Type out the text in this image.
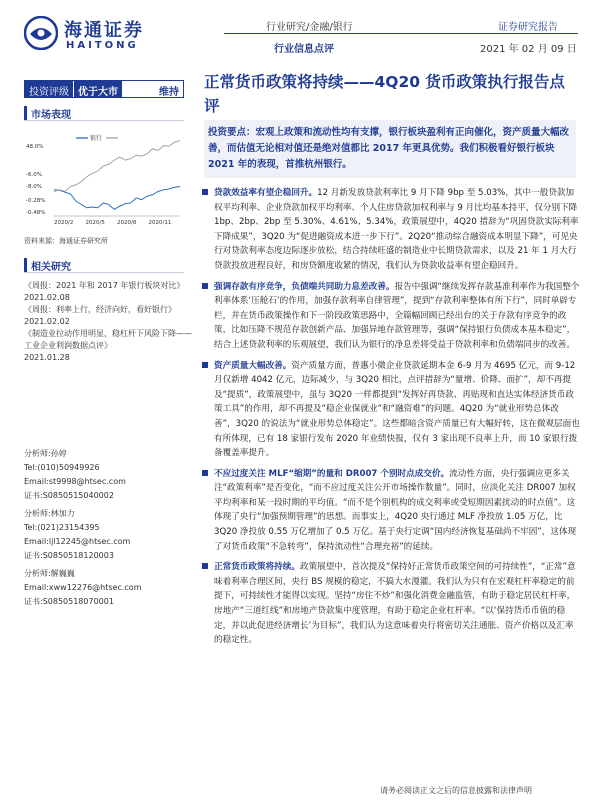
海通证券
HAITONG
行业研究/金融/银行
行业信息点评
证券研究报告
2021 年 02 月 09 日
投资评级 优于大市	维持
市场表现
银行
48.0%
-6.0%
-8.0%
-0.28%
-0.48%
2020/2 2020/5 2020/8 2020/11
资料来源：海通证券研究所
相关研究
《周报：2021 年和 2017 年银行板块对比》
2021.02.08
《周报：利率上行，经济向好，看好银行》
2021.02.02
《制造业拉动作用明显，稳杠杆下风险下降——工业企业利润数据点评》
2021.01.28
分析师:孙婷
Tel:(010)50949926
Email:st9998@htsec.com
证书:S0850515040002
分析师:林加力
Tel:(021)23154395
Email:ljl12245@htsec.com
证书:S0850518120003
分析师:解巍巍
Email:xww12276@htsec.com
证书:S0850518070001
正常货币政策将持续——4Q20 货币政策执行报告点评
投资要点：宏观上政策和流动性均有支撑，银行板块盈利有正向催化，资产质量大幅改善，而估值无论相对值还是绝对值都比 2017 年更具优势。我们积极看好银行板块 2021 年的表现，首推杭州银行。

贷款效益率有望企稳回升。12 月新发放贷款利率比 9 月下降 9bp 至 5.03%，其中一般贷款加权平均利率、企业贷款加权平均利率、个人住房贷款加权利率与 9 月比均基本持平，仅分别下降 1bp、2bp、2bp 至 5.30%、4.61%、5.34%，政策展望中，4Q20 措辞为“巩固贷款实际利率下降成果”，3Q20 为“促进融资成本进一步下行”。2Q20“推动综合融资成本明显下降”，可见央行对贷款利率态度边际逐步放松，结合持续旺盛的制造业中长期贷款需求，以及 21 年 1 月大行贷款投放进程良好，和房贷额度收紧的情况，我们认为贷款收益率有望企稳回升。

强调存款有序竞争，负债端共同助力息差改善。报告中强调“继续发挥存款基准利率作为我国整个利率体系‘压舱石’的作用，加强存款利率自律管理”，提到“存款利率整体有所下行”，同时单辟专栏，并在货币政策操作和下一阶段政策思路中，全篇幅回顾已经出台的关于存款有序竞争的政策，比如压降不规范存款创新产品、加强异地存款管理等，强调“保持银行负债成本基本稳定”，结合上述贷款利率的乐观展望，我们认为银行的净息差将受益于贷款利率和负债端同步的改善。

资产质量大幅改善。资产质量方面，普惠小微企业贷款延期本金 6-9 月为 4695 亿元，而 9-12 月仅新增 4042 亿元，边际减少，与 3Q20 相比，点评措辞为“量增、价降、面扩”，却不再提及“提质”，政策展望中，虽与 3Q20 一样都提到“发挥好再贷款、再贴现和直达实体经济货币政策工具”的作用，却不再提及“稳企业保就业”和“融资难”的问题。4Q20 为“就业形势总体改善”，3Q20 的说法为“就业形势总体稳定”。这些都暗含资产质量已有大幅好转，这在微观层面也有所体现，已有 18 家银行发布 2020 年业绩快报，仅有 3 家出现不良率上升，而 10 家银行拨备覆盖率提升。

不应过度关注 MLF“缩期”的量和 DR007 个别时点成交价。流动性方面，央行强调应更多关注“政策利率”是否变化，“而不应过度关注公开市场操作数量”。同时，应淡化关注 DR007 加权平均利率和某一段时期的平均值。“而不是个别机构的成交利率或受短期因素扰动的时点值”。这体现了央行“加强预期管理”的思想。而事实上，4Q20 央行通过 MLF 净投放 1.05 万亿，比 3Q20 净投放 0.55 万亿增加了 0.5 万亿。基于央行定调“国内经济恢复基础尚不牢固”，这体现了对货币政策“不急转弯”，保持流动性“合理充裕”的延续。

正常货币政策将持续。政策展望中，首次提及“保持好正常货币政策空间的可持续性”，“正常”意味着利率合理区间，央行 BS 规模的稳定，不搞大水漫灌。我们认为只有在宏观杠杆率稳定的前提下，可持续性才能得以实现。坚持“房住不炒”和强化消费金融监管，有助于稳定居民杠杆率，房地产“三道红线”和房地产贷款集中度管理，有助于稳定企业杠杆率。“以‘保持货币币值的稳定，并以此促进经济增长’为目标”，我们认为这意味着央行将密切关注通胀、资产价格以及汇率的稳定性。

请务必阅读正文之后的信息披露和法律声明
